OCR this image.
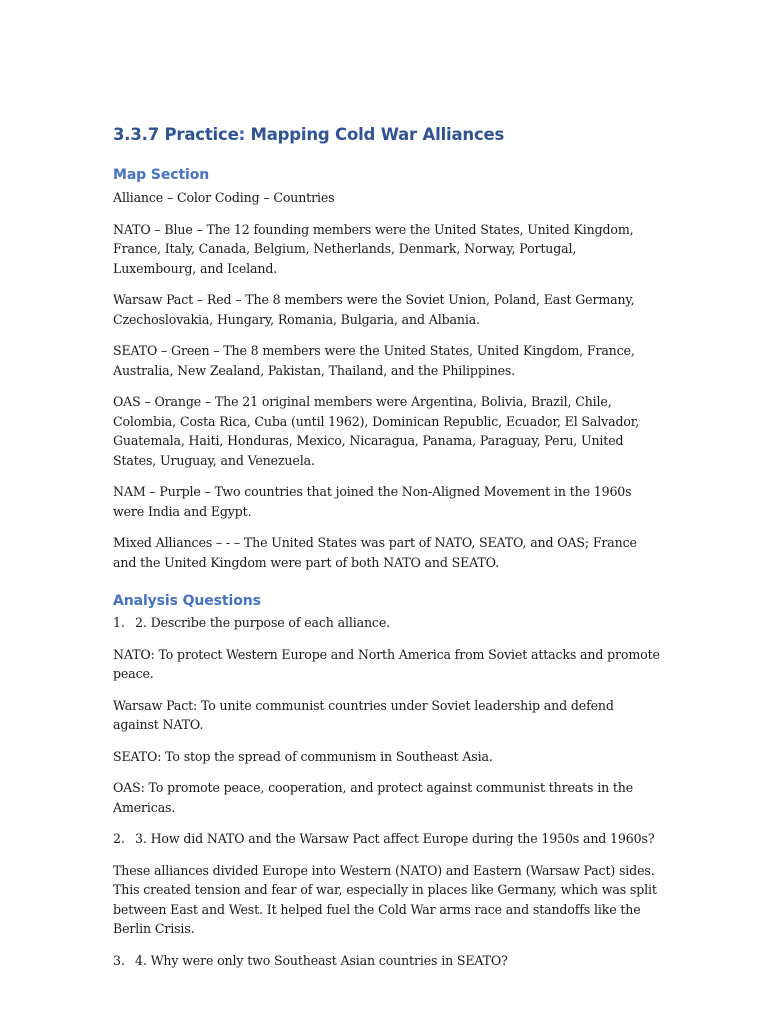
3.3.7 Practice: Mapping Cold War Alliances
Map Section

Alliance – Color Coding – Countries

NATO – Blue – The 12 founding members were the United States, United Kingdom, France, Italy, Canada, Belgium, Netherlands, Denmark, Norway, Portugal, Luxembourg, and Iceland.

Warsaw Pact – Red – The 8 members were the Soviet Union, Poland, East Germany, Czechoslovakia, Hungary, Romania, Bulgaria, and Albania.

SEATO – Green – The 8 members were the United States, United Kingdom, France, Australia, New Zealand, Pakistan, Thailand, and the Philippines.

OAS – Orange – The 21 original members were Argentina, Bolivia, Brazil, Chile, Colombia, Costa Rica, Cuba (until 1962), Dominican Republic, Ecuador, El Salvador, Guatemala, Haiti, Honduras, Mexico, Nicaragua, Panama, Paraguay, Peru, United States, Uruguay, and Venezuela.

NAM – Purple – Two countries that joined the Non-Aligned Movement in the 1960s were India and Egypt.

Mixed Alliances – - – The United States was part of NATO, SEATO, and OAS; France and the United Kingdom were part of both NATO and SEATO.

Analysis Questions
1. 2. Describe the purpose of each alliance.

NATO: To protect Western Europe and North America from Soviet attacks and promote peace.

Warsaw Pact: To unite communist countries under Soviet leadership and defend against NATO.

SEATO: To stop the spread of communism in Southeast Asia.

OAS: To promote peace, cooperation, and protect against communist threats in the Americas.

2. 3. How did NATO and the Warsaw Pact affect Europe during the 1950s and 1960s?

These alliances divided Europe into Western (NATO) and Eastern (Warsaw Pact) sides. This created tension and fear of war, especially in places like Germany, which was split between East and West. It helped fuel the Cold War arms race and standoffs like the Berlin Crisis.

3. 4. Why were only two Southeast Asian countries in SEATO?
